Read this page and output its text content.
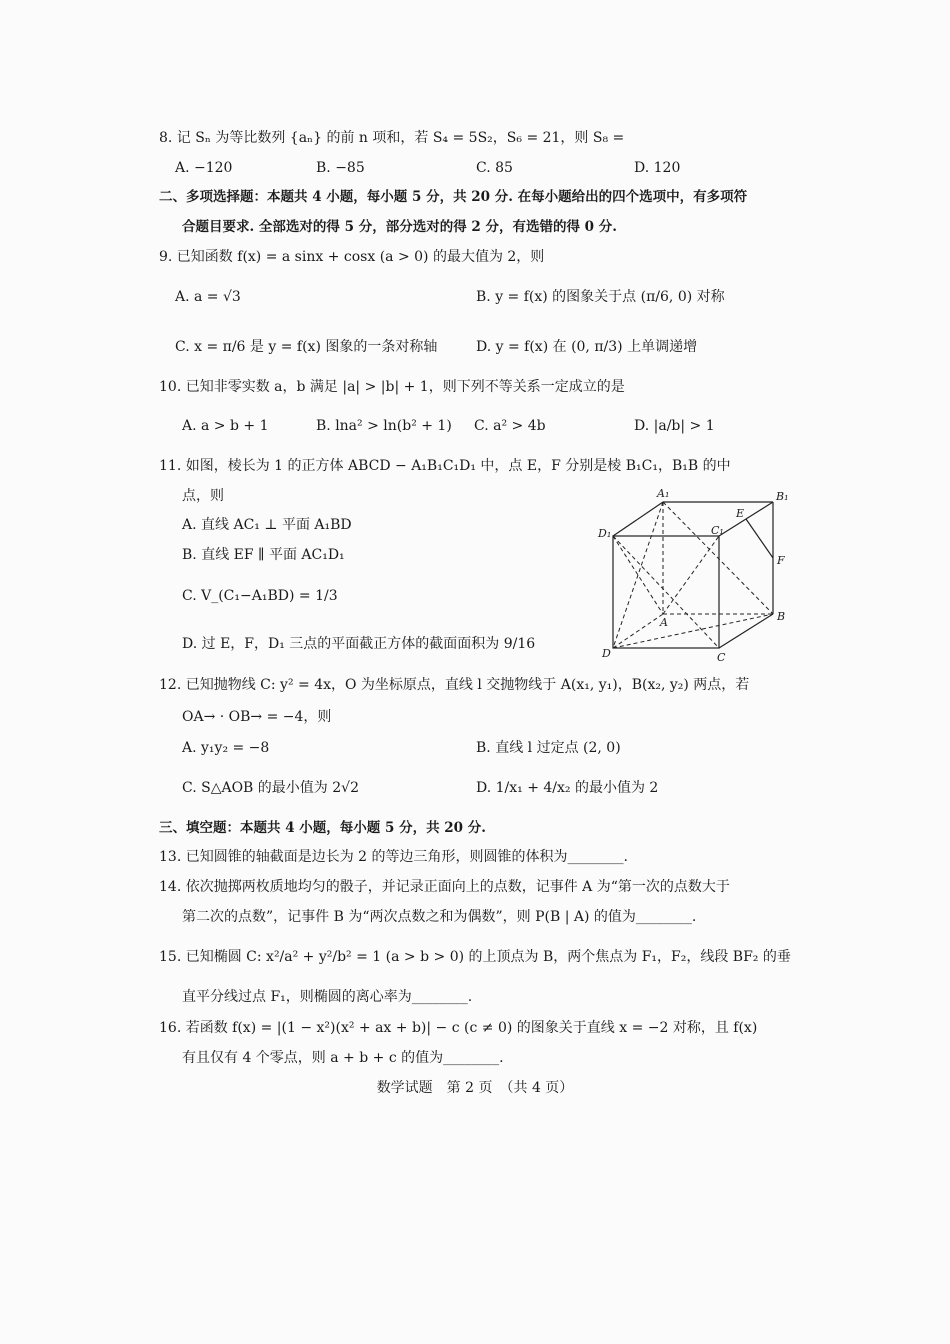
8. 记 Sₙ 为等比数列 {aₙ} 的前 n 项和，若 S₄ = 5S₂，S₆ = 21，则 S₈ =
A. −120	B. −85	C. 85	D. 120
二、多项选择题：本题共 4 小题，每小题 5 分，共 20 分. 在每小题给出的四个选项中，有多项符
合题目要求. 全部选对的得 5 分，部分选对的得 2 分，有选错的得 0 分.
9. 已知函数 f(x) = a sinx + cosx (a > 0) 的最大值为 2，则
A. a = √3	B. y = f(x) 的图象关于点 (π/6, 0) 对称
C. x = π/6 是 y = f(x) 图象的一条对称轴	D. y = f(x) 在 (0, π/3) 上单调递增
10. 已知非零实数 a，b 满足 |a| > |b| + 1，则下列不等关系一定成立的是
A. a > b + 1	B. lna² > ln(b² + 1) C. a² > 4b	D. |a/b| > 1
11. 如图，棱长为 1 的正方体 ABCD − A₁B₁C₁D₁ 中，点 E，F 分别是棱 B₁C₁，B₁B 的中
点，则
A. 直线 AC₁ ⊥ 平面 A₁BD
B. 直线 EF ∥ 平面 AC₁D₁
C. V_(C₁−A₁BD) = 1/3
D. 过 E，F，D₁ 三点的平面截正方体的截面面积为 9/16
A₁	B₁
C₁
D₁
E
F
A	B
C
D
12. 已知抛物线 C: y² = 4x，O 为坐标原点，直线 l 交抛物线于 A(x₁, y₁)，B(x₂, y₂) 两点，若
OA→ · OB→ = −4，则
A. y₁y₂ = −8	B. 直线 l 过定点 (2, 0)
C. S△AOB 的最小值为 2√2	D. 1/x₁ + 4/x₂ 的最小值为 2
三、填空题：本题共 4 小题，每小题 5 分，共 20 分.
13. 已知圆锥的轴截面是边长为 2 的等边三角形，则圆锥的体积为________.
14. 依次抛掷两枚质地均匀的骰子，并记录正面向上的点数，记事件 A 为“第一次的点数大于
第二次的点数”，记事件 B 为“两次点数之和为偶数”，则 P(B | A) 的值为________.
15. 已知椭圆 C: x²/a² + y²/b² = 1 (a > b > 0) 的上顶点为 B，两个焦点为 F₁，F₂，线段 BF₂ 的垂
直平分线过点 F₁，则椭圆的离心率为________.
16. 若函数 f(x) = |(1 − x²)(x² + ax + b)| − c (c ≠ 0) 的图象关于直线 x = −2 对称，且 f(x)
有且仅有 4 个零点，则 a + b + c 的值为________.
数学试题　第 2 页　（共 4 页）
